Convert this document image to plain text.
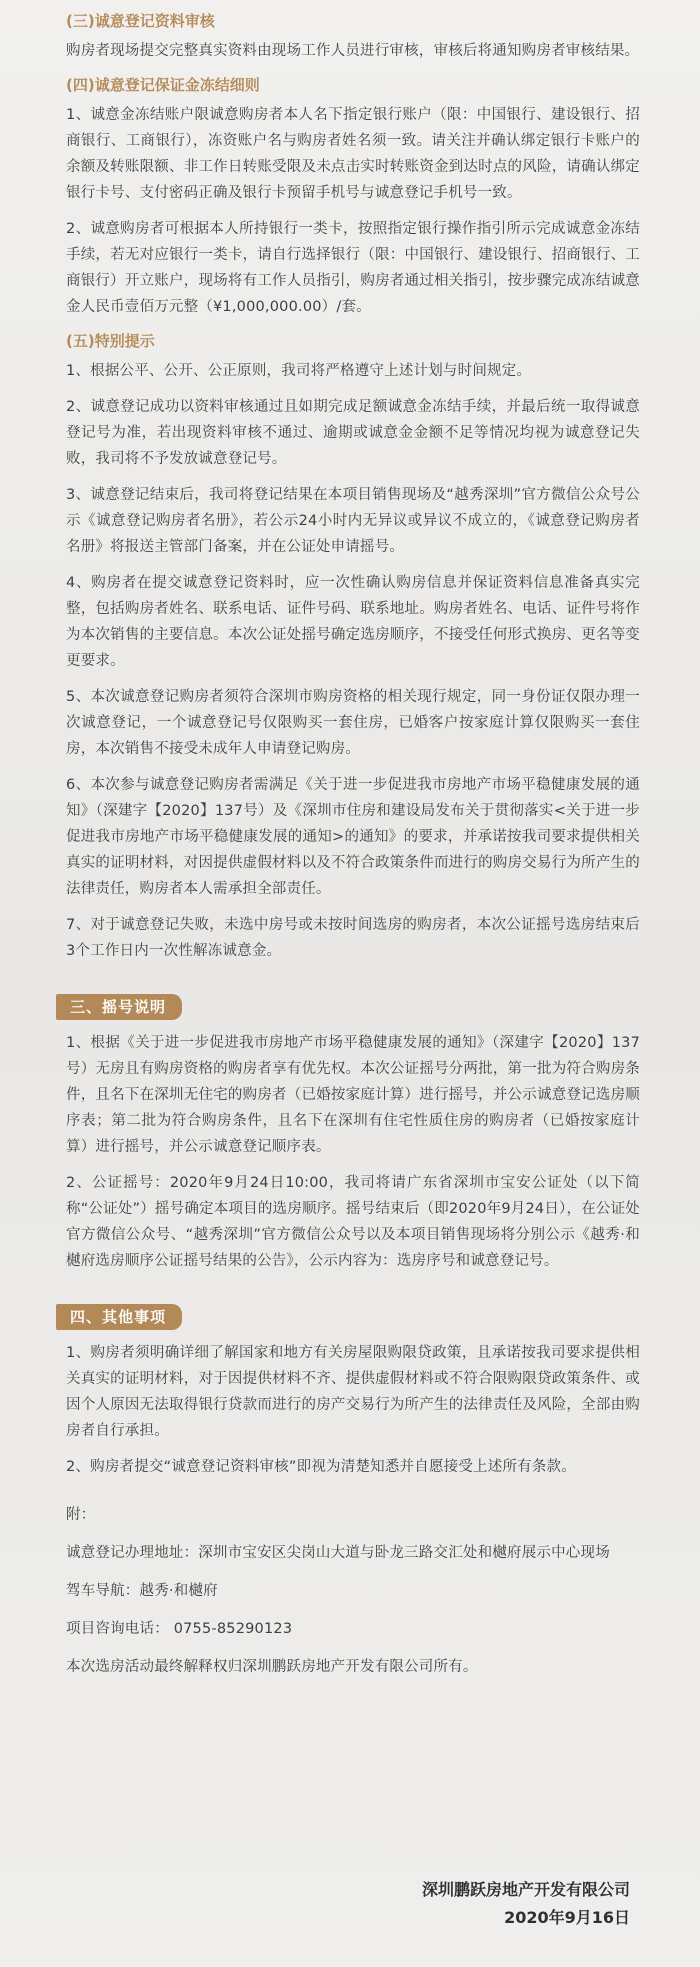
(三)诚意登记资料审核

购房者现场提交完整真实资料由现场工作人员进行审核，审核后将通知购房者审核结果。

(四)诚意登记保证金冻结细则

1、诚意金冻结账户限诚意购房者本人名下指定银行账户（限：中国银行、建设银行、招商银行、工商银行），冻资账户名与购房者姓名须一致。请关注并确认绑定银行卡账户的余额及转账限额、非工作日转账受限及未点击实时转账资金到达时点的风险，请确认绑定银行卡号、支付密码正确及银行卡预留手机号与诚意登记手机号一致。

2、诚意购房者可根据本人所持银行一类卡，按照指定银行操作指引所示完成诚意金冻结手续，若无对应银行一类卡，请自行选择银行（限：中国银行、建设银行、招商银行、工商银行）开立账户，现场将有工作人员指引，购房者通过相关指引，按步骤完成冻结诚意金人民币壹佰万元整（¥1,000,000.00）/套。

(五)特别提示

1、根据公平、公开、公正原则，我司将严格遵守上述计划与时间规定。

2、诚意登记成功以资料审核通过且如期完成足额诚意金冻结手续，并最后统一取得诚意登记号为准，若出现资料审核不通过、逾期或诚意金金额不足等情况均视为诚意登记失败，我司将不予发放诚意登记号。

3、诚意登记结束后，我司将登记结果在本项目销售现场及“越秀深圳”官方微信公众号公示《诚意登记购房者名册》，若公示24小时内无异议或异议不成立的，《诚意登记购房者名册》将报送主管部门备案，并在公证处申请摇号。

4、购房者在提交诚意登记资料时，应一次性确认购房信息并保证资料信息准备真实完整，包括购房者姓名、联系电话、证件号码、联系地址。购房者姓名、电话、证件号将作为本次销售的主要信息。本次公证处摇号确定选房顺序，不接受任何形式换房、更名等变更要求。

5、本次诚意登记购房者须符合深圳市购房资格的相关现行规定，同一身份证仅限办理一次诚意登记，一个诚意登记号仅限购买一套住房，已婚客户按家庭计算仅限购买一套住房，本次销售不接受未成年人申请登记购房。

6、本次参与诚意登记购房者需满足《关于进一步促进我市房地产市场平稳健康发展的通知》（深建字【2020】137号）及《深圳市住房和建设局发布关于贯彻落实<关于进一步促进我市房地产市场平稳健康发展的通知>的通知》的要求，并承诺按我司要求提供相关真实的证明材料，对因提供虚假材料以及不符合政策条件而进行的购房交易行为所产生的法律责任，购房者本人需承担全部责任。

7、对于诚意登记失败，未选中房号或未按时间选房的购房者，本次公证摇号选房结束后3个工作日内一次性解冻诚意金。

三、摇号说明

1、根据《关于进一步促进我市房地产市场平稳健康发展的通知》（深建字【2020】137号）无房且有购房资格的购房者享有优先权。本次公证摇号分两批，第一批为符合购房条件，且名下在深圳无住宅的购房者（已婚按家庭计算）进行摇号，并公示诚意登记选房顺序表；第二批为符合购房条件，且名下在深圳有住宅性质住房的购房者（已婚按家庭计算）进行摇号，并公示诚意登记顺序表。

2、公证摇号：2020年9月24日10:00，我司将请广东省深圳市宝安公证处（以下简称“公证处”）摇号确定本项目的选房顺序。摇号结束后（即2020年9月24日），在公证处官方微信公众号、“越秀深圳”官方微信公众号以及本项目销售现场将分别公示《越秀·和樾府选房顺序公证摇号结果的公告》，公示内容为：选房序号和诚意登记号。

四、其他事项

1、购房者须明确详细了解国家和地方有关房屋限购限贷政策，且承诺按我司要求提供相关真实的证明材料，对于因提供材料不齐、提供虚假材料或不符合限购限贷政策条件、或因个人原因无法取得银行贷款而进行的房产交易行为所产生的法律责任及风险，全部由购房者自行承担。

2、购房者提交“诚意登记资料审核”即视为清楚知悉并自愿接受上述所有条款。

附：

诚意登记办理地址：深圳市宝安区尖岗山大道与卧龙三路交汇处和樾府展示中心现场

驾车导航：越秀·和樾府

项目咨询电话： 0755-85290123

本次选房活动最终解释权归深圳鹏跃房地产开发有限公司所有。

深圳鹏跃房地产开发有限公司
2020年9月16日
